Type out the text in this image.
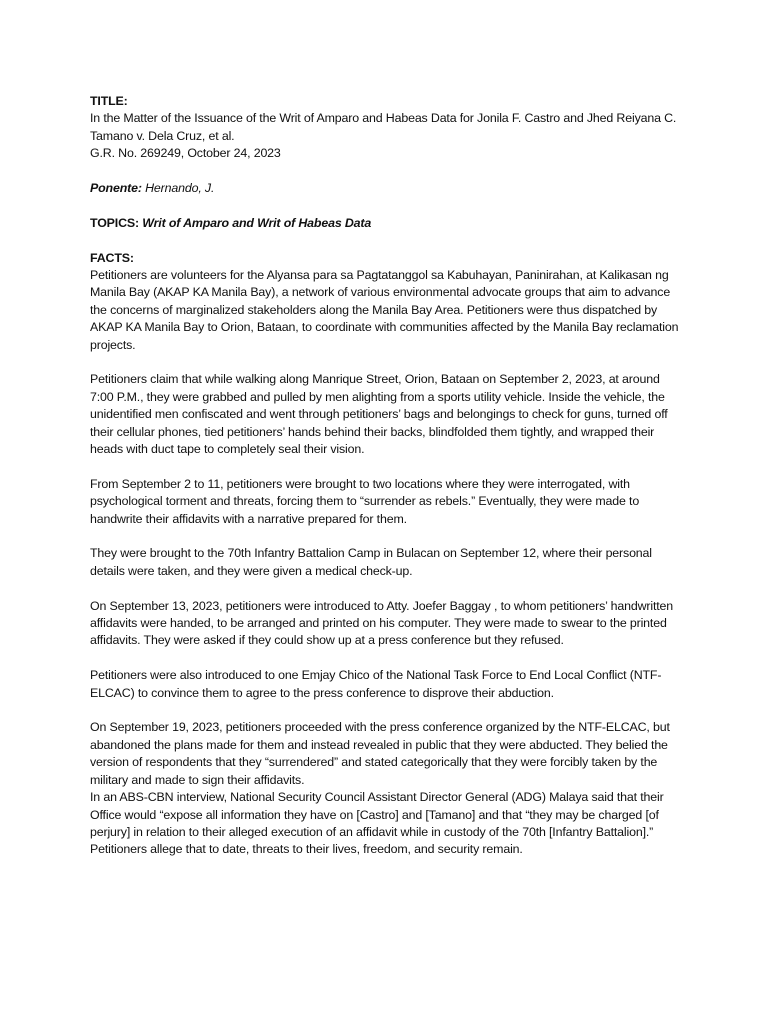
TITLE:
In the Matter of the Issuance of the Writ of Amparo and Habeas Data for Jonila F. Castro and Jhed Reiyana C. Tamano v. Dela Cruz, et al.
G.R. No. 269249, October 24, 2023
Ponente: Hernando, J.
TOPICS: Writ of Amparo and Writ of Habeas Data
FACTS:

Petitioners are volunteers for the Alyansa para sa Pagtatanggol sa Kabuhayan, Paninirahan, at Kalikasan ng Manila Bay (AKAP KA Manila Bay), a network of various environmental advocate groups that aim to advance the concerns of marginalized stakeholders along the Manila Bay Area. Petitioners were thus dispatched by AKAP KA Manila Bay to Orion, Bataan, to coordinate with communities affected by the Manila Bay reclamation projects.

Petitioners claim that while walking along Manrique Street, Orion, Bataan on September 2, 2023, at around 7:00 P.M., they were grabbed and pulled by men alighting from a sports utility vehicle. Inside the vehicle, the unidentified men confiscated and went through petitioners’ bags and belongings to check for guns, turned off their cellular phones, tied petitioners’ hands behind their backs, blindfolded them tightly, and wrapped their heads with duct tape to completely seal their vision.

From September 2 to 11, petitioners were brought to two locations where they were interrogated, with psychological torment and threats, forcing them to “surrender as rebels.” Eventually, they were made to handwrite their affidavits with a narrative prepared for them.

They were brought to the 70th Infantry Battalion Camp in Bulacan on September 12, where their personal details were taken, and they were given a medical check-up.

On September 13, 2023, petitioners were introduced to Atty. Joefer Baggay , to whom petitioners’ handwritten affidavits were handed, to be arranged and printed on his computer. They were made to swear to the printed affidavits. They were asked if they could show up at a press conference but they refused.

Petitioners were also introduced to one Emjay Chico of the National Task Force to End Local Conflict (NTF-ELCAC) to convince them to agree to the press conference to disprove their abduction.

On September 19, 2023, petitioners proceeded with the press conference organized by the NTF-ELCAC, but abandoned the plans made for them and instead revealed in public that they were abducted. They belied the version of respondents that they “surrendered” and stated categorically that they were forcibly taken by the military and made to sign their affidavits.

In an ABS-CBN interview, National Security Council Assistant Director General (ADG) Malaya said that their Office would “expose all information they have on [Castro] and [Tamano] and that “they may be charged [of perjury] in relation to their alleged execution of an affidavit while in custody of the 70th [Infantry Battalion].”

Petitioners allege that to date, threats to their lives, freedom, and security remain.
